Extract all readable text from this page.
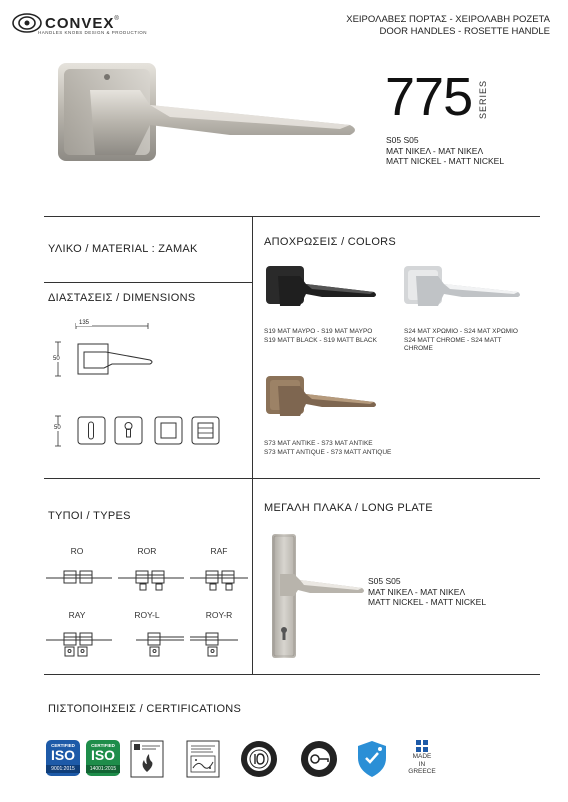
CONVEX ®
HANDLES KNOBS DESIGN & PRODUCTION
ΧΕΙΡΟΛΑΒΕΣ ΠΟΡΤΑΣ - ΧΕΙΡΟΛΑΒΗ ΡΟΖΕΤΑ
DOOR HANDLES - ROSETTE HANDLE
775 SERIES
S05 S05
ΜΑΤ ΝΙΚΕΛ - ΜΑΤ ΝΙΚΕΛ
MATT NICKEL - MATT NICKEL
ΥΛΙΚΟ / MATERIAL : ZAMAK
ΔΙΑΣΤΑΣΕΙΣ / DIMENSIONS
135
50
50
ΑΠΟΧΡΩΣΕΙΣ / COLORS
S19 ΜΑΤ ΜΑΥΡΟ - S19 ΜΑΤ ΜΑΥΡΟ
S19 MATT BLACK - S19 MATT BLACK
S24 ΜΑΤ ΧΡΩΜΙΟ - S24 ΜΑΤ ΧΡΩΜΙΟ
S24 MATT CHROME - S24 MATT
CHROME
S73 ΜΑΤ ΑΝΤΙΚΕ - S73 ΜΑΤ ΑΝΤΙΚΕ
S73 MATT ANTIQUE - S73 MATT ANTIQUE
ΤΥΠΟΙ / TYPES
RO	ROR	RAF
RAY	ROY-L	ROY-R
ΜΕΓΑΛΗ ΠΛΑΚΑ / LONG PLATE
S05 S05
ΜΑΤ ΝΙΚΕΛ - ΜΑΤ ΝΙΚΕΛ
MATT NICKEL - MATT NICKEL
ΠΙΣΤΟΠΟΙΗΣΕΙΣ / CERTIFICATIONS
CERTIFIED
ISO
9001:2015
CERTIFIED
ISO
14001:2015
MADE
IN
GREECE
